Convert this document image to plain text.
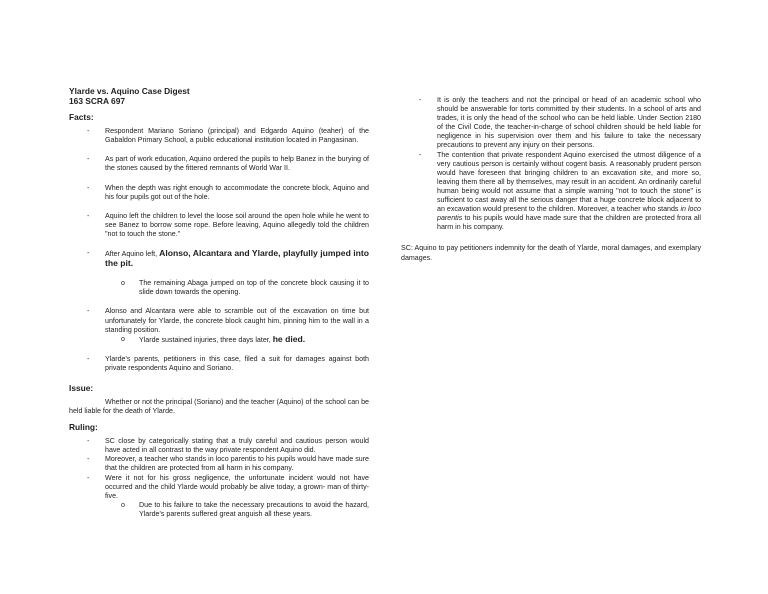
Ylarde vs. Aquino Case Digest
163 SCRA 697
Facts:
- Respondent Mariano Soriano (principal) and Edgardo Aquino (teaher) of the Gabaldon Primary School, a public educational institution located in Pangasinan.
- As part of work education, Aquino ordered the pupils to help Banez in the burying of the stones caused by the fittered remnants of World War II.
- When the depth was right enough to accommodate the concrete block, Aquino and his four pupils got out of the hole.
- Aquino left the children to level the loose soil around the open hole while he went to see Banez to borrow some rope. Before leaving, Aquino allegedly told the children "not to touch the stone."
- After Aquino left, Alonso, Alcantara and Ylarde, playfully jumped into the pit.
o The remaining Abaga jumped on top of the concrete block causing it to slide down towards the opening.
- Alonso and Alcantara were able to scramble out of the excavation on time but unfortunately for Ylarde, the concrete block caught him, pinning him to the wall in a standing position.
o Ylarde sustained injuries, three days later, he died.
- Ylarde's parents, petitioners in this case, filed a suit for damages against both private respondents Aquino and Soriano.
Issue:
Whether or not the principal (Soriano) and the teacher (Aquino) of the school can be held liable for the death of Ylarde.
Ruling:
- SC close by categorically stating that a truly careful and cautious person would have acted in all contrast to the way private respondent Aquino did.
- Moreover, a teacher who stands in loco parentis to his pupils would have made sure that the children are protected from all harm in his company.
- Were it not for his gross negligence, the unfortunate incident would not have occurred and the child Ylarde would probably be alive today, a grown- man of thirty-five.
o Due to his failure to take the necessary precautions to avoid the hazard, Ylarde's parents suffered great anguish all these years.
- It is only the teachers and not the principal or head of an academic school who should be answerable for torts committed by their students. In a school of arts and trades, it is only the head of the school who can be held liable. Under Section 2180 of the Civil Code, the teacher-in-charge of school children should be held liable for negligence in his supervision over them and his failure to take the necessary precautions to prevent any injury on their persons.
- The contention that private respondent Aquino exercised the utmost diligence of a very cautious person is certainly without cogent basis. A reasonably prudent person would have foreseen that bringing children to an excavation site, and more so, leaving them there all by themselves, may result in an accident. An ordinarily careful human being would not assume that a simple warning "not to touch the stone" is sufficient to cast away all the serious danger that a huge concrete block adjacent to an excavation would present to the children. Moreover, a teacher who stands in loco parentis to his pupils would have made sure that the children are protected frora all harm in his company.
SC: Aquino to pay petitioners indemnity for the death of Ylarde, moral damages, and exemplary damages.
